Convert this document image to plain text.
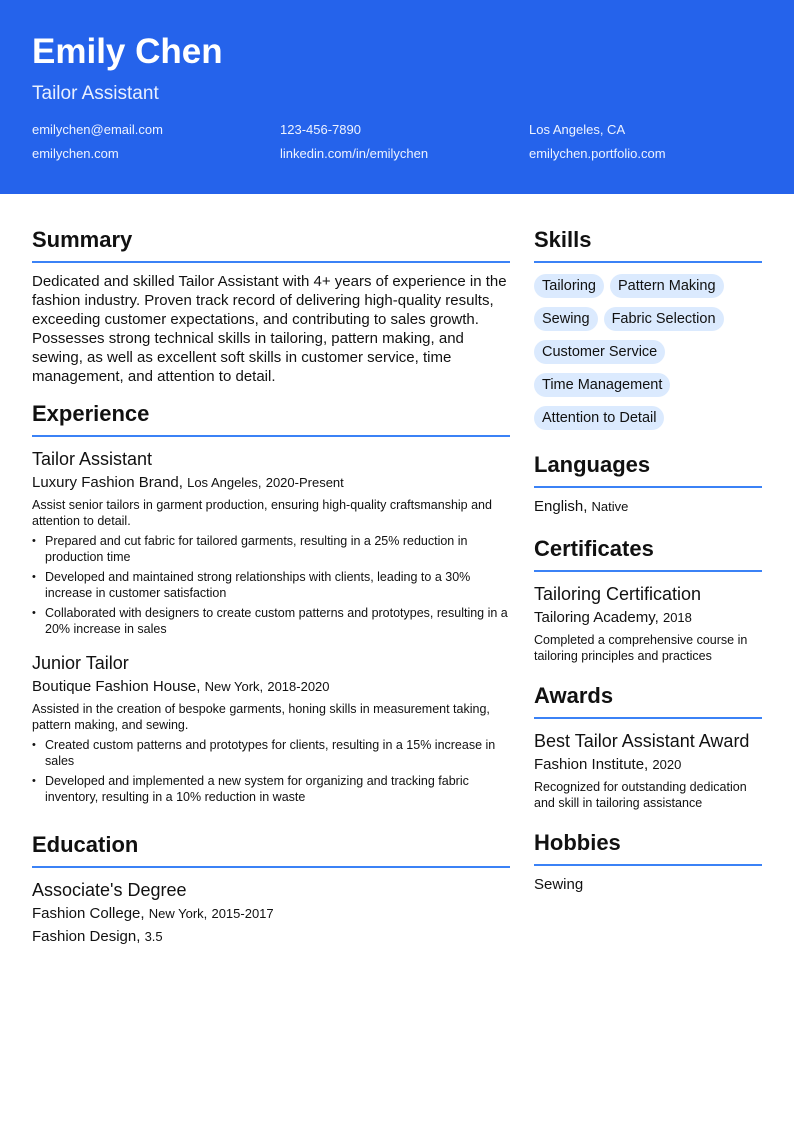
Emily Chen
Tailor Assistant
emilychen@email.com	123-456-7890	Los Angeles, CA
emilychen.com	linkedin.com/in/emilychen	emilychen.portfolio.com
Summary

Dedicated and skilled Tailor Assistant with 4+ years of experience in the fashion industry. Proven track record of delivering high-quality results, exceeding customer expectations, and contributing to sales growth. Possesses strong technical skills in tailoring, pattern making, and sewing, as well as excellent soft skills in customer service, time management, and attention to detail.

Experience
Tailor Assistant
Luxury Fashion Brand, Los Angeles, 2020-Present
Assist senior tailors in garment production, ensuring high-quality craftsmanship and attention to detail.
• Prepared and cut fabric for tailored garments, resulting in a 25% reduction in production time
• Developed and maintained strong relationships with clients, leading to a 30% increase in customer satisfaction
• Collaborated with designers to create custom patterns and prototypes, resulting in a 20% increase in sales
Junior Tailor
Boutique Fashion House, New York, 2018-2020
Assisted in the creation of bespoke garments, honing skills in measurement taking, pattern making, and sewing.
• Created custom patterns and prototypes for clients, resulting in a 15% increase in sales
• Developed and implemented a new system for organizing and tracking fabric inventory, resulting in a 10% reduction in waste
Education
Associate's Degree
Fashion College, New York, 2015-2017
Fashion Design, 3.5
Skills
Tailoring Pattern Making
Sewing Fabric Selection
Customer Service
Time Management
Attention to Detail
Languages
English, Native
Certificates
Tailoring Certification
Tailoring Academy, 2018
Completed a comprehensive course in tailoring principles and practices
Awards
Best Tailor Assistant Award
Fashion Institute, 2020
Recognized for outstanding dedication and skill in tailoring assistance
Hobbies
Sewing
